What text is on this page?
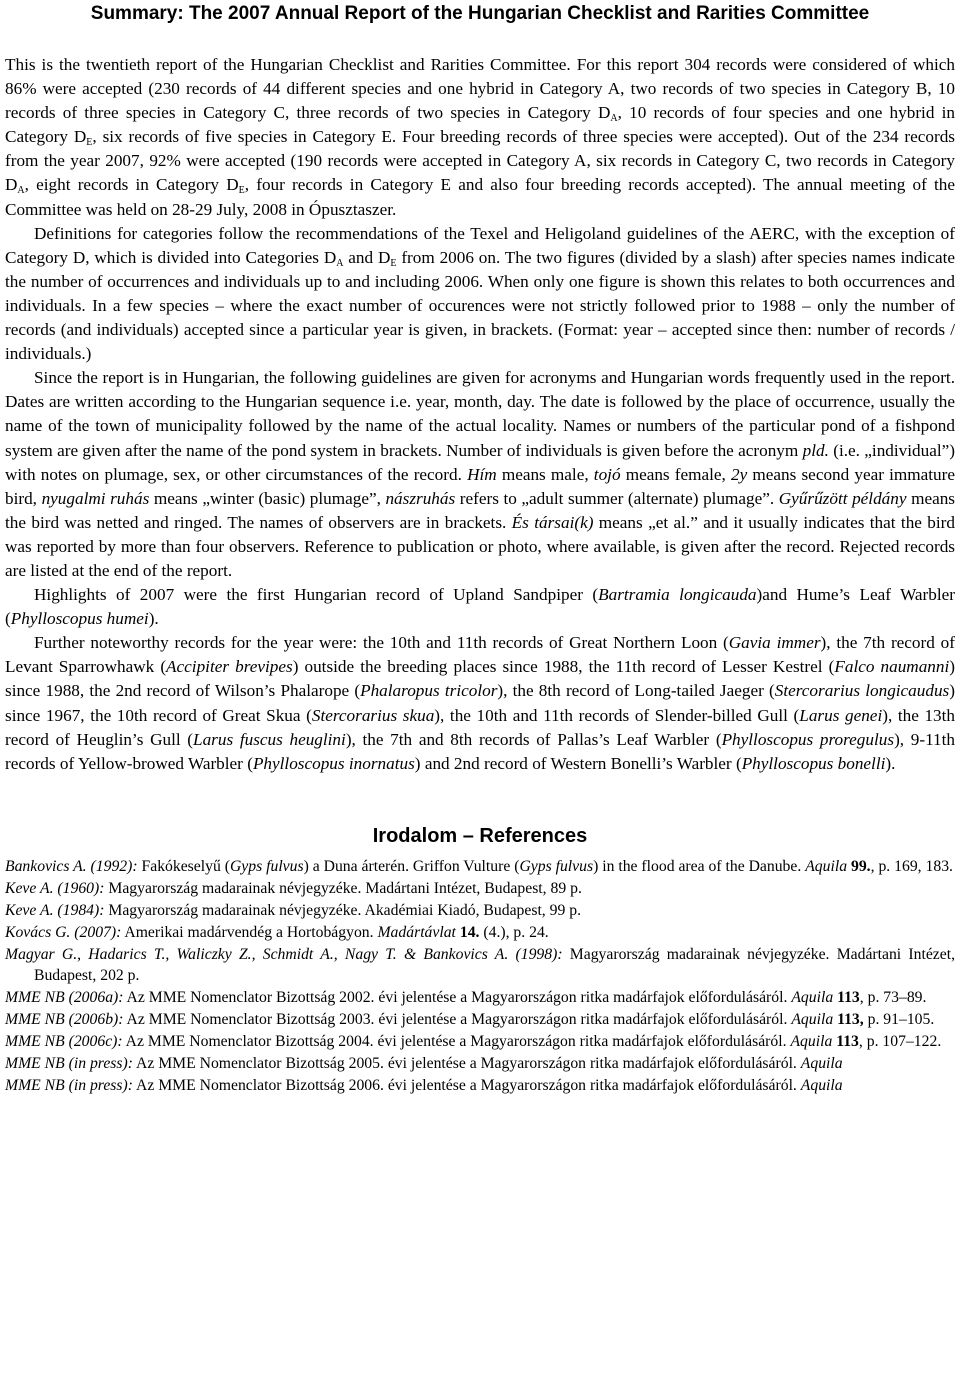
Summary: The 2007 Annual Report of the Hungarian Checklist and Rarities Committee

This is the twentieth report of the Hungarian Checklist and Rarities Committee. For this report 304 records were considered of which 86% were accepted (230 records of 44 different species and one hybrid in Category A, two records of two species in Category B, 10 records of three species in Category C, three records of two species in Category $D_A$, 10 records of four species and one hybrid in Category $D_E$, six records of five species in Category E. Four breeding records of three species were accepted). Out of the 234 records from the year 2007, 92% were accepted (190 records were accepted in Category A, six records in Category C, two records in Category $D_A$, eight records in Category $D_E$, four records in Category E and also four breeding records accepted). The annual meeting of the Committee was held on 28-29 July, 2008 in Ópusztaszer.

Definitions for categories follow the recommendations of the Texel and Heligoland guidelines of the AERC, with the exception of Category D, which is divided into Categories $D_A$ and $D_E$ from 2006 on. The two figures (divided by a slash) after species names indicate the number of occurrences and individuals up to and including 2006. When only one figure is shown this relates to both occurrences and individuals. In a few species – where the exact number of occurences were not strictly followed prior to 1988 – only the number of records (and individuals) accepted since a particular year is given, in brackets. (Format: year – accepted since then: number of records / individuals.)

Since the report is in Hungarian, the following guidelines are given for acronyms and Hungarian words frequently used in the report. Dates are written according to the Hungarian sequence i.e. year, month, day. The date is followed by the place of occurrence, usually the name of the town of municipality followed by the name of the actual locality. Names or numbers of the particular pond of a fishpond system are given after the name of the pond system in brackets. Number of individuals is given before the acronym pld. (i.e. „individual”) with notes on plumage, sex, or other circumstances of the record. Hím means male, tojó means female, 2y means second year immature bird, nyugalmi ruhás means „winter (basic) plumage”, nászruhás refers to „adult summer (alternate) plumage”. Gyűrűzött példány means the bird was netted and ringed. The names of observers are in brackets. És társai(k) means „et al.” and it usually indicates that the bird was reported by more than four observers. Reference to publication or photo, where available, is given after the record. Rejected records are listed at the end of the report.

Highlights of 2007 were the first Hungarian record of Upland Sandpiper (Bartramia longicauda)and Hume’s Leaf Warbler (Phylloscopus humei).

Further noteworthy records for the year were: the 10th and 11th records of Great Northern Loon (Gavia immer), the 7th record of Levant Sparrowhawk (Accipiter brevipes) outside the breeding places since 1988, the 11th record of Lesser Kestrel (Falco naumanni) since 1988, the 2nd record of Wilson’s Phalarope (Phalaropus tricolor), the 8th record of Long-tailed Jaeger (Stercorarius longicaudus) since 1967, the 10th record of Great Skua (Stercorarius skua), the 10th and 11th records of Slender-billed Gull (Larus genei), the 13th record of Heuglin’s Gull (Larus fuscus heuglini), the 7th and 8th records of Pallas’s Leaf Warbler (Phylloscopus proregulus), 9-11th records of Yellow-browed Warbler (Phylloscopus inornatus) and 2nd record of Western Bonelli’s Warbler (Phylloscopus bonelli).

Irodalom – References

Bankovics A. (1992): Fakókeselyű (Gyps fulvus) a Duna árterén. Griffon Vulture (Gyps fulvus) in the flood area of the Danube. Aquila 99., p. 169, 183.

Keve A. (1960): Magyarország madarainak névjegyzéke. Madártani Intézet, Budapest, 89 p.

Keve A. (1984): Magyarország madarainak névjegyzéke. Akadémiai Kiadó, Budapest, 99 p.

Kovács G. (2007): Amerikai madárvendég a Hortobágyon. Madártávlat 14. (4.), p. 24.

Magyar G., Hadarics T., Waliczky Z., Schmidt A., Nagy T. & Bankovics A. (1998): Magyarország madarainak névjegyzéke. Madártani Intézet, Budapest, 202 p.

MME NB (2006a): Az MME Nomenclator Bizottság 2002. évi jelentése a Magyarországon ritka madárfajok előfordulásáról. Aquila 113, p. 73–89.

MME NB (2006b): Az MME Nomenclator Bizottság 2003. évi jelentése a Magyarországon ritka madárfajok előfordulásáról. Aquila 113, p. 91–105.

MME NB (2006c): Az MME Nomenclator Bizottság 2004. évi jelentése a Magyarországon ritka madárfajok előfordulásáról. Aquila 113, p. 107–122.

MME NB (in press): Az MME Nomenclator Bizottság 2005. évi jelentése a Magyarországon ritka madárfajok előfordulásáról. Aquila

MME NB (in press): Az MME Nomenclator Bizottság 2006. évi jelentése a Magyarországon ritka madárfajok előfordulásáról. Aquila
